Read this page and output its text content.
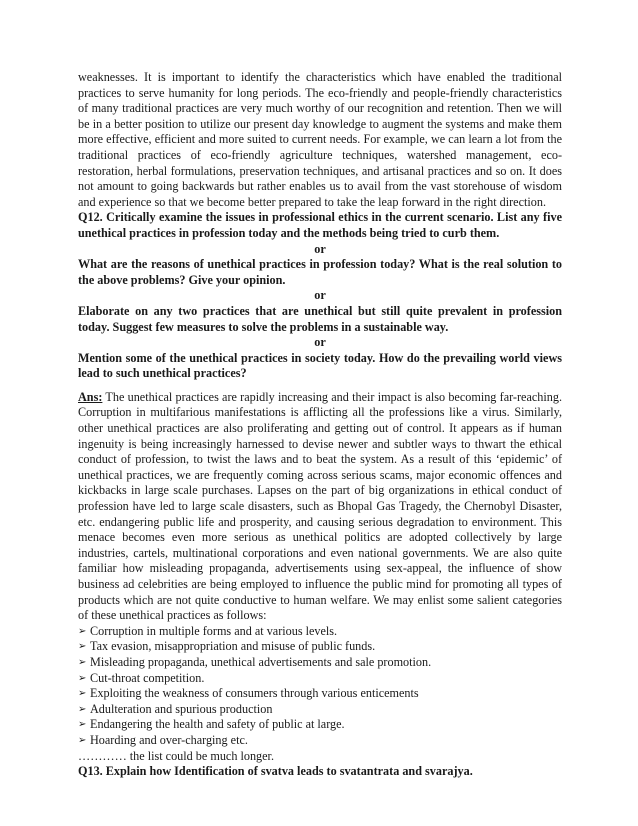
weaknesses. It is important to identify the characteristics which have enabled the traditional practices to serve humanity for long periods. The eco-friendly and people-friendly characteristics of many traditional practices are very much worthy of our recognition and retention. Then we will be in a better position to utilize our present day knowledge to augment the systems and make them more effective, efficient and more suited to current needs. For example, we can learn a lot from the traditional practices of eco-friendly agriculture techniques, watershed management, eco-restoration, herbal formulations, preservation techniques, and artisanal practices and so on. It does not amount to going backwards but rather enables us to avail from the vast storehouse of wisdom and experience so that we become better prepared to take the leap forward in the right direction.

Q12. Critically examine the issues in professional ethics in the current scenario. List any five unethical practices in profession today and the methods being tried to curb them.

or

What are the reasons of unethical practices in profession today? What is the real solution to the above problems? Give your opinion.

or

Elaborate on any two practices that are unethical but still quite prevalent in profession today. Suggest few measures to solve the problems in a sustainable way.

or

Mention some of the unethical practices in society today. How do the prevailing world views lead to such unethical practices?

Ans: The unethical practices are rapidly increasing and their impact is also becoming far-reaching. Corruption in multifarious manifestations is afflicting all the professions like a virus. Similarly, other unethical practices are also proliferating and getting out of control. It appears as if human ingenuity is being increasingly harnessed to devise newer and subtler ways to thwart the ethical conduct of profession, to twist the laws and to beat the system. As a result of this ‘epidemic’ of unethical practices, we are frequently coming across serious scams, major economic offences and kickbacks in large scale purchases. Lapses on the part of big organizations in ethical conduct of profession have led to large scale disasters, such as Bhopal Gas Tragedy, the Chernobyl Disaster, etc. endangering public life and prosperity, and causing serious degradation to environment. This menace becomes even more serious as unethical politics are adopted collectively by large industries, cartels, multinational corporations and even national governments. We are also quite familiar how misleading propaganda, advertisements using sex-appeal, the influence of show business ad celebrities are being employed to influence the public mind for promoting all types of products which are not quite conductive to human welfare. We may enlist some salient categories of these unethical practices as follows:

➢ Corruption in multiple forms and at various levels.
➢ Tax evasion, misappropriation and misuse of public funds.
➢ Misleading propaganda, unethical advertisements and sale promotion.
➢ Cut-throat competition.
➢ Exploiting the weakness of consumers through various enticements
➢ Adulteration and spurious production
➢ Endangering the health and safety of public at large.
➢ Hoarding and over-charging etc.

………… the list could be much longer.

Q13. Explain how Identification of svatva leads to svatantrata and svarajya.
